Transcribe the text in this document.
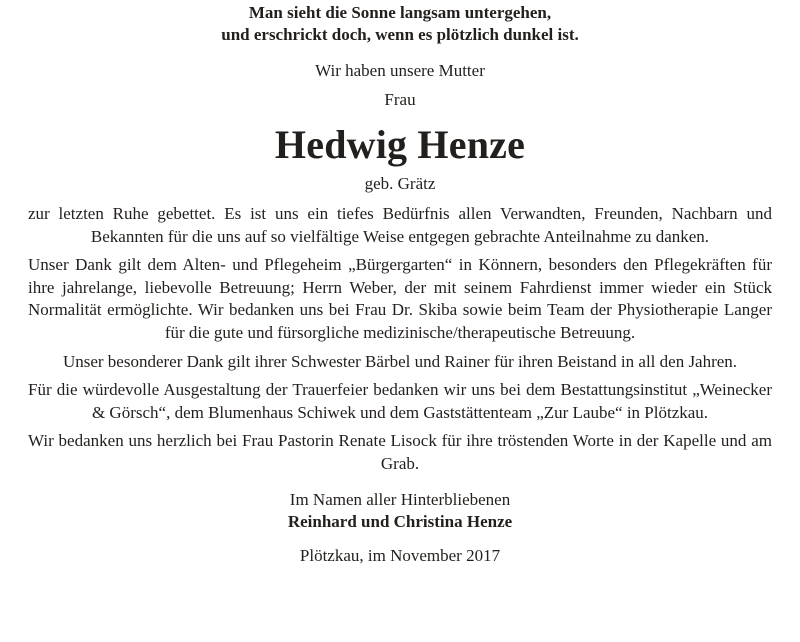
Man sieht die Sonne langsam untergehen,
und erschrickt doch, wenn es plötzlich dunkel ist.
Wir haben unsere Mutter
Frau
Hedwig Henze
geb. Grätz

zur letzten Ruhe gebettet. Es ist uns ein tiefes Bedürfnis allen Verwandten, Freunden, Nachbarn und Bekannten für die uns auf so vielfältige Weise entgegen gebrachte Anteilnahme zu danken.

Unser Dank gilt dem Alten- und Pflegeheim „Bürgergarten“ in Könnern, besonders den Pflegekräften für ihre jahrelange, liebevolle Betreuung; Herrn Weber, der mit seinem Fahrdienst immer wieder ein Stück Normalität ermöglichte. Wir bedanken uns bei Frau Dr. Skiba sowie beim Team der Physiotherapie Langer für die gute und fürsorgliche medizinische/therapeutische Betreuung.

Unser besonderer Dank gilt ihrer Schwester Bärbel und Rainer für ihren Beistand in all den Jahren.

Für die würdevolle Ausgestaltung der Trauerfeier bedanken wir uns bei dem Bestattungsinstitut „Weinecker & Görsch“, dem Blumenhaus Schiwek und dem Gaststättenteam „Zur Laube“ in Plötzkau.

Wir bedanken uns herzlich bei Frau Pastorin Renate Lisock für ihre tröstenden Worte in der Kapelle und am Grab.

Im Namen aller Hinterbliebenen
Reinhard und Christina Henze
Plötzkau, im November 2017
